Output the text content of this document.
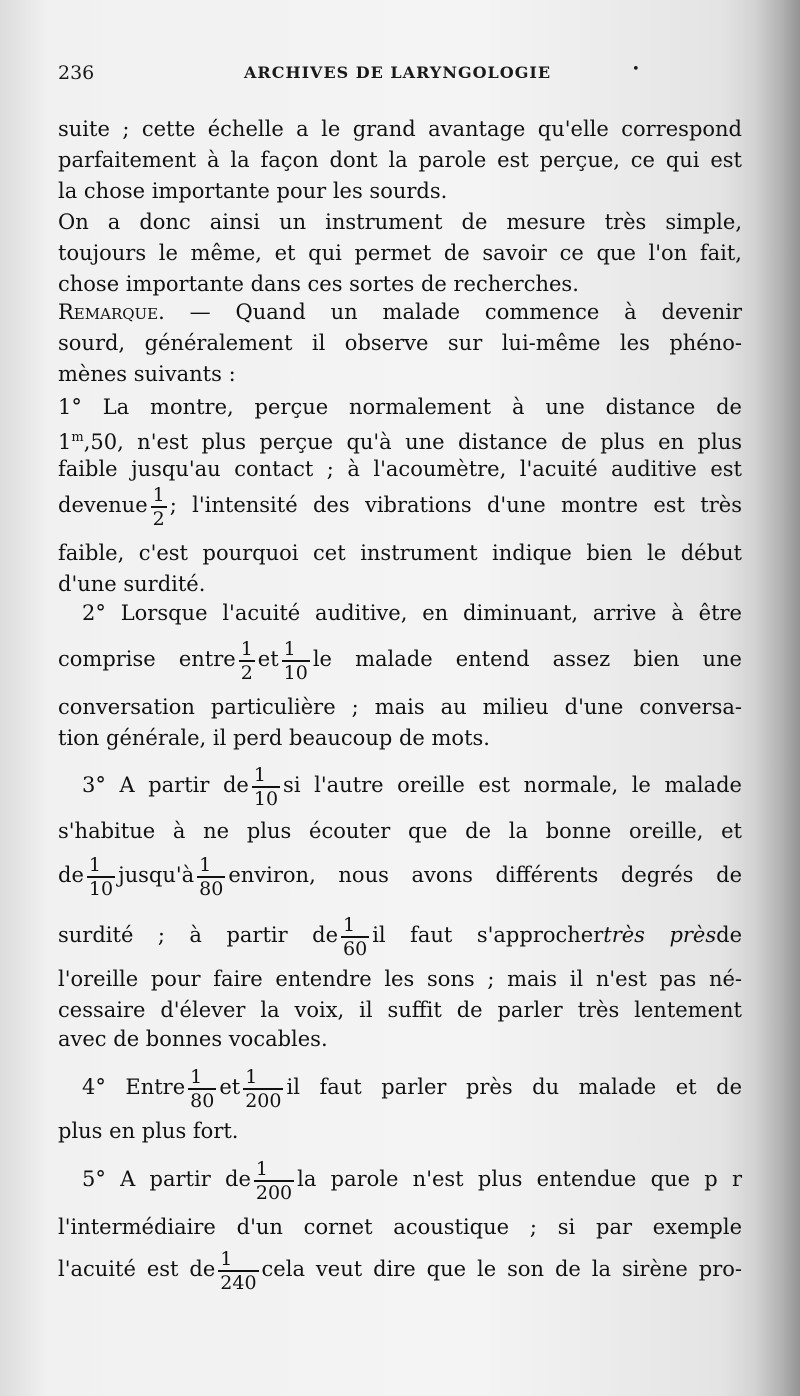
236	ARCHIVES DE LARYNGOLOGIE	•
suite ; cette échelle a le grand avantage qu'elle correspond
parfaitement à la façon dont la parole est perçue, ce qui est
la chose importante pour les sourds.
On a donc ainsi un instrument de mesure très simple,
toujours le même, et qui permet de savoir ce que l'on fait,
chose importante dans ces sortes de recherches.
Remarque. — Quand un malade commence à devenir
sourd, généralement il observe sur lui-même les phéno-
mènes suivants :
1° La montre, perçue normalement à une distance de
1$^m$,50, n'est plus perçue qu'à une distance de plus en plus
faible jusqu'au contact ; à l'acoumètre, l'acuité auditive est
devenue $\frac{1}{2}$ ; l'intensité des vibrations d'une montre est très
faible, c'est pourquoi cet instrument indique bien le début
d'une surdité.
2° Lorsque l'acuité auditive, en diminuant, arrive à être
comprise entre $\frac{1}{2}$ et $\frac{1}{10}$ le malade entend assez bien une
conversation particulière ; mais au milieu d'une conversa-
tion générale, il perd beaucoup de mots.
3° A partir de $\frac{1}{10}$ si l'autre oreille est normale, le malade
s'habitue à ne plus écouter que de la bonne oreille, et
de $\frac{1}{10}$ jusqu'à $\frac{1}{80}$ environ, nous avons différents degrés de
surdité ; à partir de $\frac{1}{60}$ il faut s'approchertrès prèsde
l'oreille pour faire entendre les sons ; mais il n'est pas né-
cessaire d'élever la voix, il suffit de parler très lentement
avec de bonnes vocables.
4° Entre $\frac{1}{80}$ et $\frac{1}{200}$ il faut parler près du malade et de
plus en plus fort.
5° A partir de $\frac{1}{200}$ la parole n'est plus entendue que p r
l'intermédiaire d'un cornet acoustique ; si par exemple
l'acuité est de $\frac{1}{240}$ cela veut dire que le son de la sirène pro-
